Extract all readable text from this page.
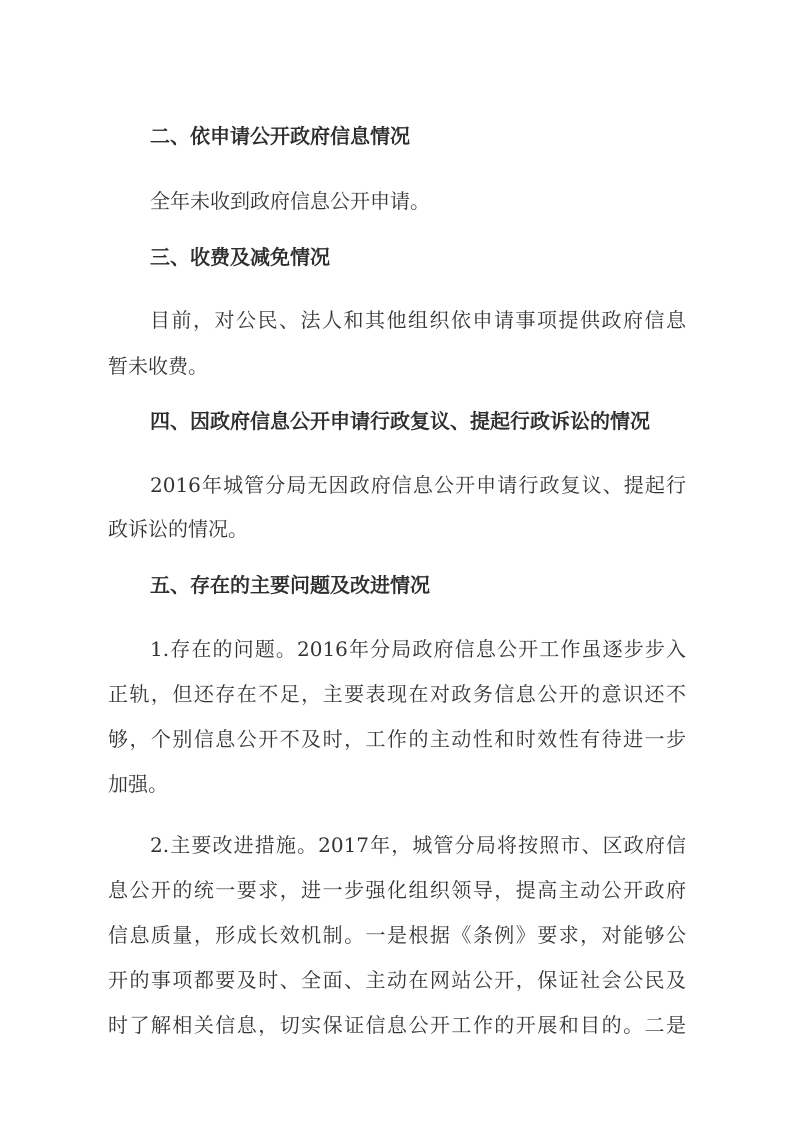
二、依申请公开政府信息情况
全年未收到政府信息公开申请。
三、收费及减免情况
目前，对公民、法人和其他组织依申请事项提供政府信息
暂未收费。
四、因政府信息公开申请行政复议、提起行政诉讼的情况
2016年城管分局无因政府信息公开申请行政复议、提起行
政诉讼的情况。
五、存在的主要问题及改进情况
1.存在的问题。2016年分局政府信息公开工作虽逐步步入
正轨，但还存在不足，主要表现在对政务信息公开的意识还不
够，个别信息公开不及时，工作的主动性和时效性有待进一步
加强。
2.主要改进措施。2017年，城管分局将按照市、区政府信
息公开的统一要求，进一步强化组织领导，提高主动公开政府
信息质量，形成长效机制。一是根据《条例》要求，对能够公
开的事项都要及时、全面、主动在网站公开，保证社会公民及
时了解相关信息，切实保证信息公开工作的开展和目的。二是
